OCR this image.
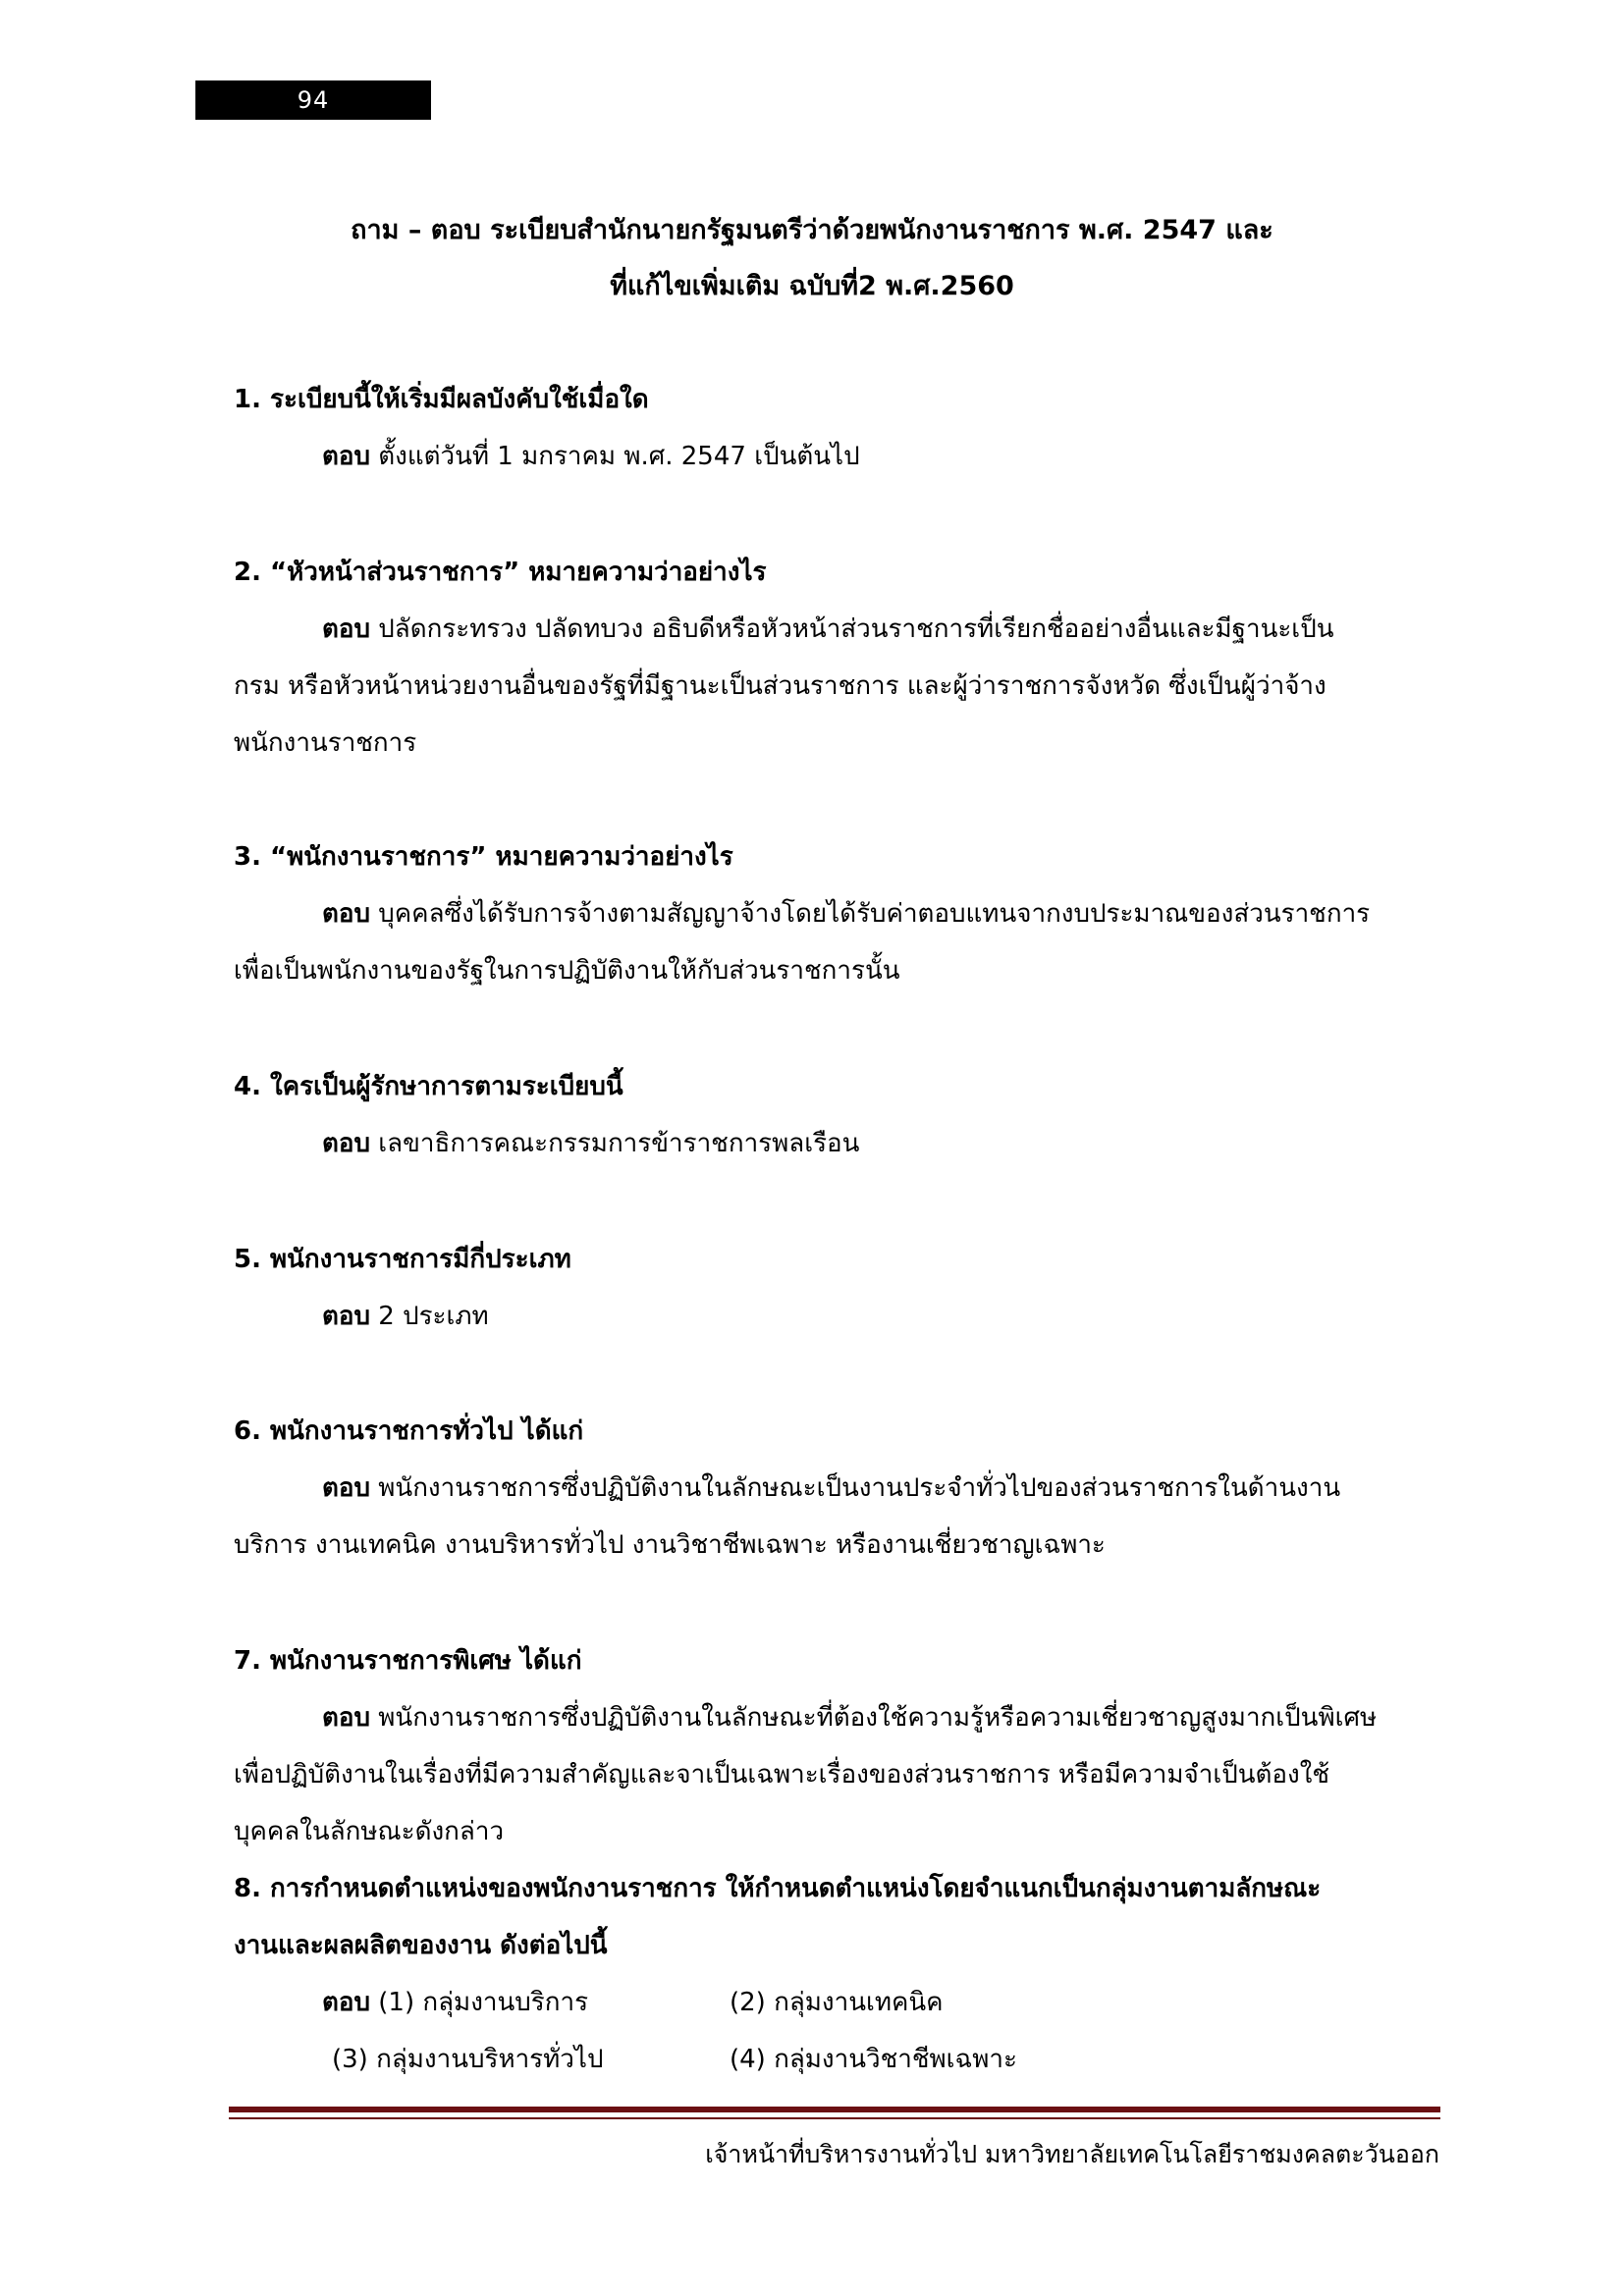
94
ถาม – ตอบ ระเบียบสำนักนายกรัฐมนตรีว่าด้วยพนักงานราชการ พ.ศ. 2547 และ
ที่แก้ไขเพิ่มเติม ฉบับที่2 พ.ศ.2560
1. ระเบียบนี้ให้เริ่มมีผลบังคับใช้เมื่อใด
ตอบ ตั้งแต่วันที่ 1 มกราคม พ.ศ. 2547 เป็นต้นไป
2. “หัวหน้าส่วนราชการ” หมายความว่าอย่างไร
ตอบ ปลัดกระทรวง ปลัดทบวง อธิบดีหรือหัวหน้าส่วนราชการที่เรียกชื่ออย่างอื่นและมีฐานะเป็น
กรม หรือหัวหน้าหน่วยงานอื่นของรัฐที่มีฐานะเป็นส่วนราชการ และผู้ว่าราชการจังหวัด ซึ่งเป็นผู้ว่าจ้าง
พนักงานราชการ
3. “พนักงานราชการ” หมายความว่าอย่างไร
ตอบ บุคคลซึ่งได้รับการจ้างตามสัญญาจ้างโดยได้รับค่าตอบแทนจากงบประมาณของส่วนราชการ
เพื่อเป็นพนักงานของรัฐในการปฏิบัติงานให้กับส่วนราชการนั้น
4. ใครเป็นผู้รักษาการตามระเบียบนี้
ตอบ เลขาธิการคณะกรรมการข้าราชการพลเรือน
5. พนักงานราชการมีกี่ประเภท
ตอบ 2 ประเภท
6. พนักงานราชการทั่วไป ได้แก่
ตอบ พนักงานราชการซึ่งปฏิบัติงานในลักษณะเป็นงานประจำทั่วไปของส่วนราชการในด้านงาน
บริการ งานเทคนิค งานบริหารทั่วไป งานวิชาชีพเฉพาะ หรืองานเชี่ยวชาญเฉพาะ
7. พนักงานราชการพิเศษ ได้แก่
ตอบ พนักงานราชการซึ่งปฏิบัติงานในลักษณะที่ต้องใช้ความรู้หรือความเชี่ยวชาญสูงมากเป็นพิเศษ
เพื่อปฏิบัติงานในเรื่องที่มีความสำคัญและจาเป็นเฉพาะเรื่องของส่วนราชการ หรือมีความจำเป็นต้องใช้
บุคคลในลักษณะดังกล่าว
8. การกำหนดตำแหน่งของพนักงานราชการ ให้กำหนดตำแหน่งโดยจำแนกเป็นกลุ่มงานตามลักษณะ
งานและผลผลิตของงาน ดังต่อไปนี้
ตอบ (1) กลุ่มงานบริการ	(2) กลุ่มงานเทคนิค
(3) กลุ่มงานบริหารทั่วไป	(4) กลุ่มงานวิชาชีพเฉพาะ
เจ้าหน้าที่บริหารงานทั่วไป มหาวิทยาลัยเทคโนโลยีราชมงคลตะวันออก
